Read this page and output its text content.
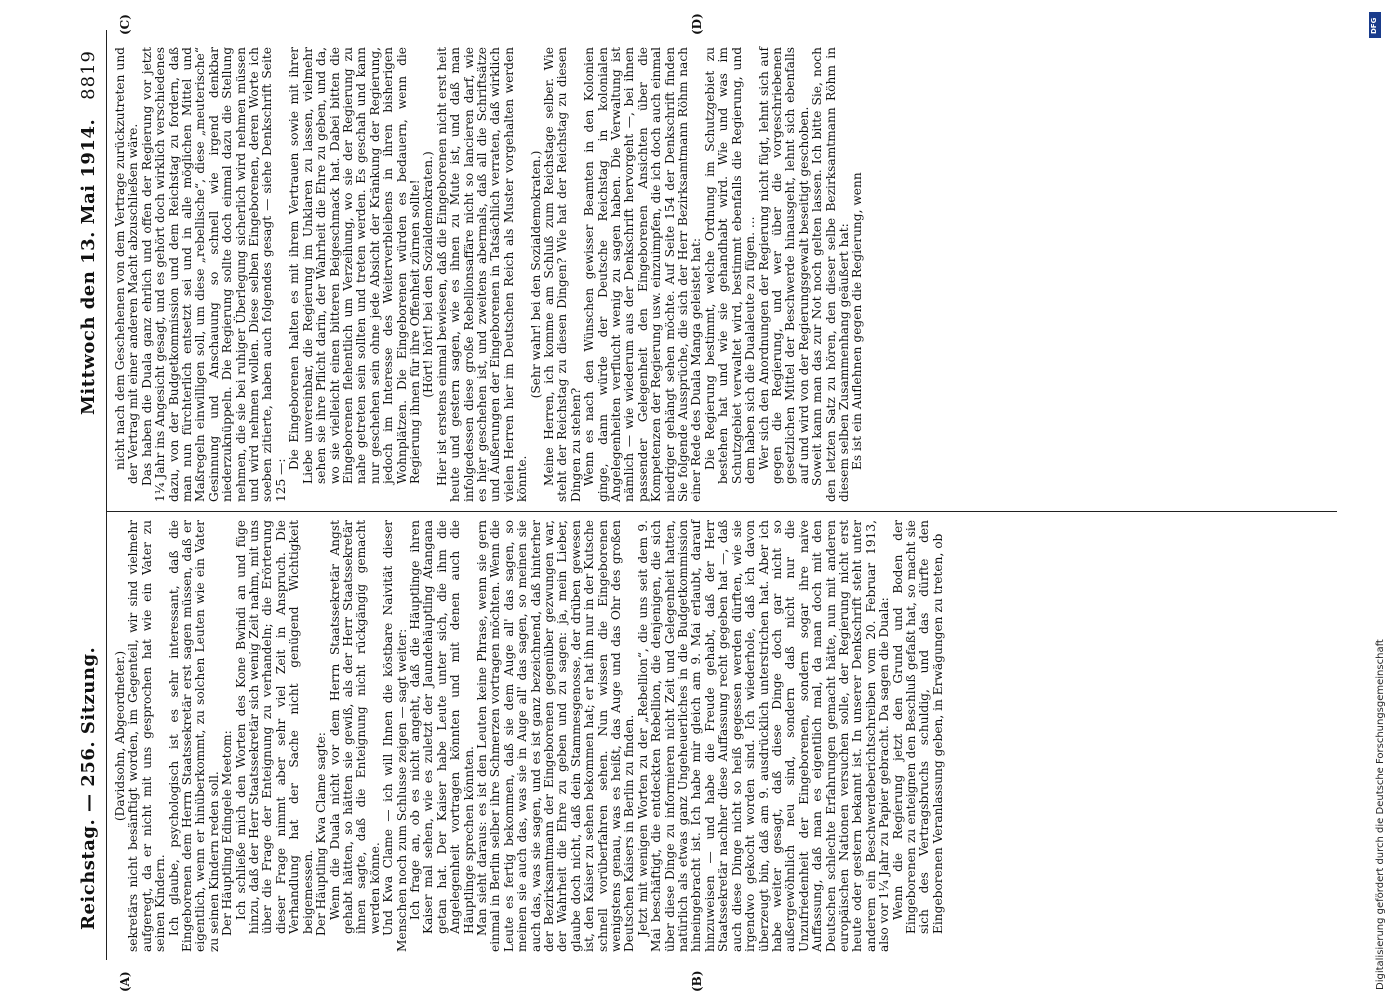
Reichstag. — 256. Sitzung.
Mittwoch den 13. Mai 1914.
8819
(A)	(B)
(C)	(D)

(Davidsohn, Abgeordneter.) sekretärs nicht besänftigt worden, im Gegenteil, wir sind vielmehr aufgeregt, da er nicht mit uns gesprochen hat wie ein Vater zu seinen Kindern. Ich glaube, psychologisch ist es sehr interessant, daß die Eingeborenen dem Herrn Staatssekretär erst sagen müssen, daß er eigentlich, wenn er hinüberkommt, zu solchen Leuten wie ein Vater zu seinen Kindern reden soll. Der Häuptling Edingele Meetom: Ich schließe mich den Worten des Kone Bwindi an und füge hinzu, daß der Herr Staatssekretär sich wenig Zeit nahm, mit uns über die Frage der Enteignung zu verhandeln; die Erörterung dieser Frage nimmt aber sehr viel Zeit in Anspruch. Die Verhandlung hat der Sache nicht genügend Wichtigkeit beigemessen. Der Häuptling Kwa Clame sagte: Wenn die Duala nicht vor dem Herrn Staatssekretär Angst gehabt hätten, so hätten sie gewiß, als der Herr Staatssekretär ihnen sagte, daß die Enteignung nicht rückgängig gemacht werden könne. Und Kwa Clame — ich will Ihnen die köstbare Naivität dieser Menschen noch zum Schlusse zeigen — sagt weiter: Ich frage an, ob es nicht angeht, daß die Häuptlinge ihren Kaiser mal sehen, wie es zuletzt der Jaundehäuptling Atangana getan hat. Der Kaiser habe Leute unter sich, die ihm die Angelegenheit vortragen könnten und mit denen auch die Häuptlinge sprechen könnten. Man sieht daraus: es ist den Leuten keine Phrase, wenn sie gern einmal in Berlin selber ihre Schmerzen vortragen möchten. Wenn die Leute es fertig bekommen, daß sie dem Auge all' das sagen, so meinen sie auch das, was sie in Auge all' das sagen, so meinen sie auch das, was sie sagen, und es ist ganz bezeichnend, daß hinterher der Bezirksamtmann der Eingeborenen gegenüber gezwungen war, der Wahrheit die Ehre zu geben und zu sagen: ja, mein Lieber, glaube doch nicht, daß dein Stammesgenosse, der drüben gewesen ist, den Kaiser zu sehen bekommen hat; er hat ihn nur in der Kutsche schnell vorüberfahren sehen. Nun wissen die Eingeborenen wenigstens genau, was es heißt, das Auge und das Ohr des großen Deutschen Kaisers in Berlin zu finden. Jetzt mit wenigen Worten zu der „Rebellion“, die uns seit dem 9. Mai beschäftigt, die entdeckten Rebellion, die denjenigen, die sich über diese Dinge zu informieren nicht Zeit und Gelegenheit hatten, natürlich als etwas ganz Ungeheuerliches in die Budgetkommission hineingebracht ist. Ich habe mir gleich am 9. Mai erlaubt, darauf hinzuweisen — und habe die Freude gehabt, daß der Herr Staatssekretär nachher diese Auffassung recht gegeben hat —, daß auch diese Dinge nicht so heiß gegessen werden dürften, wie sie irgendwo gekocht worden sind. Ich wiederhole, daß ich davon überzeugt bin, daß am 9. ausdrücklich unterstrichen hat. Aber ich habe weiter gesagt, daß diese Dinge doch gar nicht so außergewöhnlich neu sind, sondern daß nicht nur die Unzufriedenheit der Eingeborenen, sondern sogar ihre naive Auffassung, daß man es eigentlich mal, da man doch mit den Deutschen schlechte Erfahrungen gemacht hätte, nun mit anderen europäischen Nationen versuchen solle, der Regierung nicht erst heute oder gestern bekannt ist. In unserer Denkschrift steht unter anderem ein Beschwerdeberichtschreiben vom 20. Februar 1913, also vor 1¼ Jahr zu Papier gebracht. Da sagen die Duala: Wenn die Regierung jetzt den Grund und Boden der Eingeborenen zu enteignen den Beschluß gefaßt hat, so macht sie sich des Vertragsbruchs schuldig, und das dürfte den Eingeborenen Veranlassung geben, in Erwägungen zu treten, ob

nicht nach dem Geschehenen von dem Vertrage zurückzutreten und der Vertrag mit einer anderen Macht abzuschließen wäre. Das haben die Duala ganz ehrlich und offen der Regierung vor jetzt 1¼ Jahr ins Angesicht gesagt, und es gehört doch wirklich verschiedenes dazu, von der Budgetkommission und dem Reichstag zu fordern, daß man nun fürchterlich entsetzt sei und in alle möglichen Mittel und Maßregeln einwilligen soll, um diese „rebellische“, diese „meuterische“ Gesinnung und Anschauung so schnell wie irgend denkbar niederzuknüppeln. Die Regierung sollte doch einmal dazu die Stellung nehmen, die sie bei ruhiger Überlegung sicherlich wird nehmen müssen und wird nehmen wollen. Diese selben Eingeborenen, deren Worte ich soeben zitierte, haben auch folgendes gesagt — siehe Denkschrift Seite 125 —:

Die Eingeborenen halten es mit ihrem Vertrauen sowie mit ihrer Liebe unvereinbar, die Regierung im Unklaren zu lassen, vielmehr sehen sie ihre Pflicht darin, der Wahrheit die Ehre zu geben, und da, wo sie vielleicht einen bitteren Beigeschmack hat. Dabei bitten die Eingeborenen flehentlich um Verzeihung, wo sie der Regierung zu nahe getreten sein sollten und treten werden. Es geschah und kann nur geschehen sein ohne jede Absicht der Kränkung der Regierung, jedoch im Interesse des Weiterverbleibens in ihren bisherigen Wohnplätzen. Die Eingeborenen würden es bedauern, wenn die Regierung ihnen für ihre Offenheit zürnen sollte! (Hört! hört! bei den Sozialdemokraten.) Hier ist erstens einmal bewiesen, daß die Eingeborenen nicht erst heit heute und gestern sagen, wie es ihnen zu Mute ist, und daß man infolgedessen diese große Rebellionsaffäre nicht so lancieren darf, wie es hier geschehen ist, und zweitens abermals, daß all die Schriftsätze und Äußerungen der Eingeborenen in Tatsächlich verraten, daß wirklich vielen Herren hier im Deutschen Reich als Muster vorgehalten werden könnte.

(Sehr wahr! bei den Sozialdemokraten.) Meine Herren, ich komme am Schluß zum Reichstage selber. Wie steht der Reichstag zu diesen Dingen? Wie hat der Reichstag zu diesen Dingen zu stehen? Wenn es nach den Wünschen gewisser Beamten in den Kolonien ginge, dann würde der Deutsche Reichstag in kolonialen Angelegenheiten verflucht wenig zu sagen haben. Die Verwaltung ist nämlich — wie wiederum aus der Denkschrift hervorgeht —, bei ihnen passender Gelegenheit den Eingeborenen Ansichten über die Kompetenzen der Regierung usw. einzuimpfen, die ich doch auch einmal niedriger gehängt sehen möchte. Auf Seite 154 der Denkschrift finden Sie folgende Aussprüche, die sich der Herr Bezirksamtmann Röhm nach einer Rede des Duala Manga geleistet hat: Die Regierung bestimmt, welche Ordnung im Schutzgebiet zu bestehen hat und wie sie gehandhabt wird. Wie und was im Schutzgebiet verwaltet wird, bestimmt ebenfalls die Regierung, und dem haben sich die Dualaleute zu fügen. ... Wer sich den Anordnungen der Regierung nicht fügt, lehnt sich auf gegen die Regierung, und wer über die vorgeschriebenen gesetzlichen Mittel der Beschwerde hinausgeht, lehnt sich ebenfalls auf und wird von der Regierungsgewalt beseitigt geschoben. Soweit kann man das zur Not noch gelten lassen. Ich bitte Sie, noch den letzten Satz zu hören, den dieser selbe Bezirksamtmann Röhm in diesem selben Zusammenhang geäußert hat: Es ist ein Auflehnen gegen die Regierung, wenn

DFG
Digitalisierung gefördert durch die Deutsche Forschungsgemeinschaft
